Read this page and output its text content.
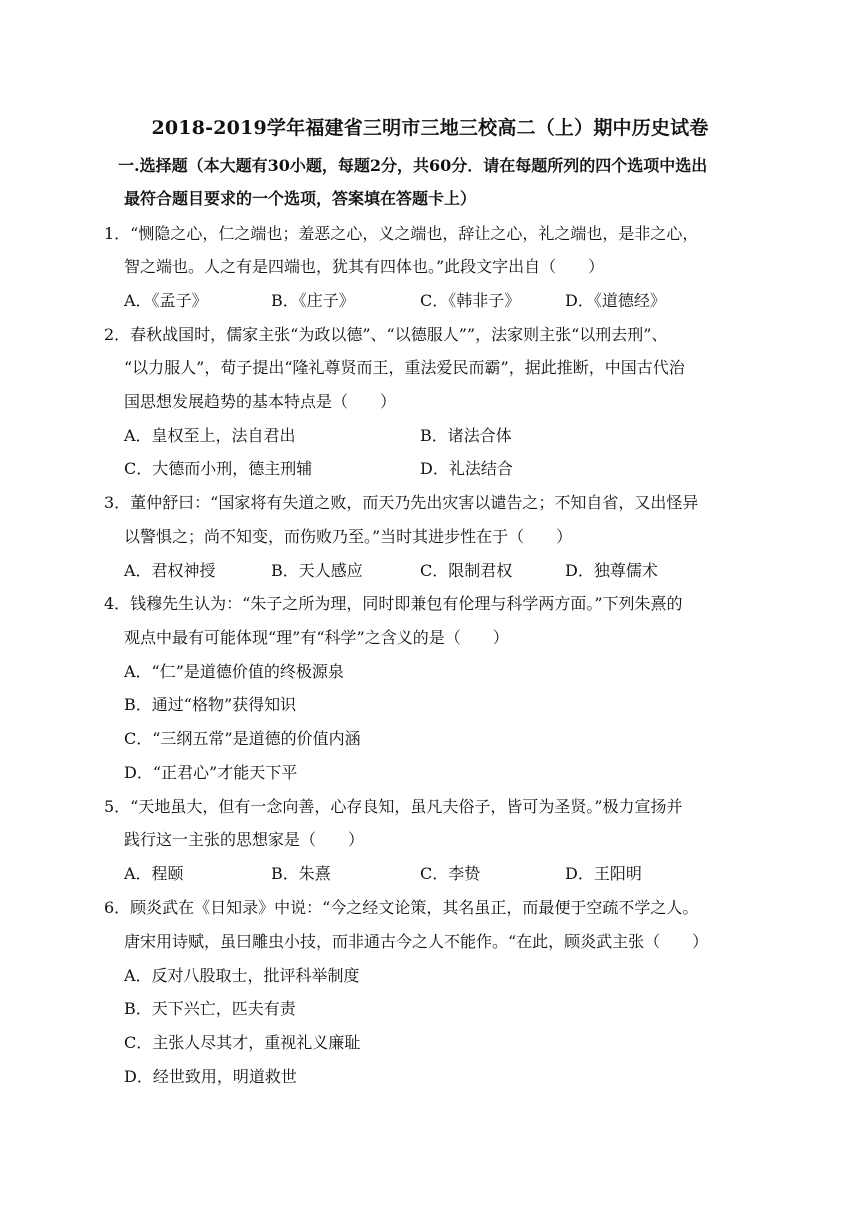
2018-2019学年福建省三明市三地三校高二（上）期中历史试卷
一.选择题（本大题有30小题，每题2分，共60分．请在每题所列的四个选项中选出
最符合题目要求的一个选项，答案填在答题卡上）
1．“恻隐之心，仁之端也；羞恶之心，义之端也，辞让之心，礼之端也，是非之心，
智之端也。人之有是四端也，犹其有四体也。”此段文字出自（　　）
A．《孟子》	B．《庄子》	C．《韩非子》	D．《道德经》
2．春秋战国时，儒家主张“为政以德”、“以德服人””，法家则主张“以刑去刑”、
“以力服人”，荀子提出“隆礼尊贤而王，重法爱民而霸”，据此推断，中国古代治
国思想发展趋势的基本特点是（　　）
A．皇权至上，法自君出	B．诸法合体
C．大德而小刑，德主刑辅	D．礼法结合
3．董仲舒曰：“国家将有失道之败，而天乃先出灾害以谴告之；不知自省，又出怪异
以警惧之；尚不知变，而伤败乃至。”当时其进步性在于（　　）
A．君权神授	B．天人感应	C．限制君权	D．独尊儒术
4．钱穆先生认为：“朱子之所为理，同时即兼包有伦理与科学两方面。”下列朱熹的
观点中最有可能体现“理”有“科学”之含义的是（　　）
A．“仁”是道德价值的终极源泉
B．通过“格物”获得知识
C．“三纲五常”是道德的价值内涵
D．“正君心”才能天下平
5．“天地虽大，但有一念向善，心存良知，虽凡夫俗子，皆可为圣贤。”极力宣扬并
践行这一主张的思想家是（　　）
A．程颐	B．朱熹	C．李贽	D．王阳明
6．顾炎武在《日知录》中说：“今之经文论策，其名虽正，而最便于空疏不学之人。
唐宋用诗赋，虽曰雕虫小技，而非通古今之人不能作。“在此，顾炎武主张（　　）
A．反对八股取士，批评科举制度
B．天下兴亡，匹夫有责
C．主张人尽其才，重视礼义廉耻
D．经世致用，明道救世
